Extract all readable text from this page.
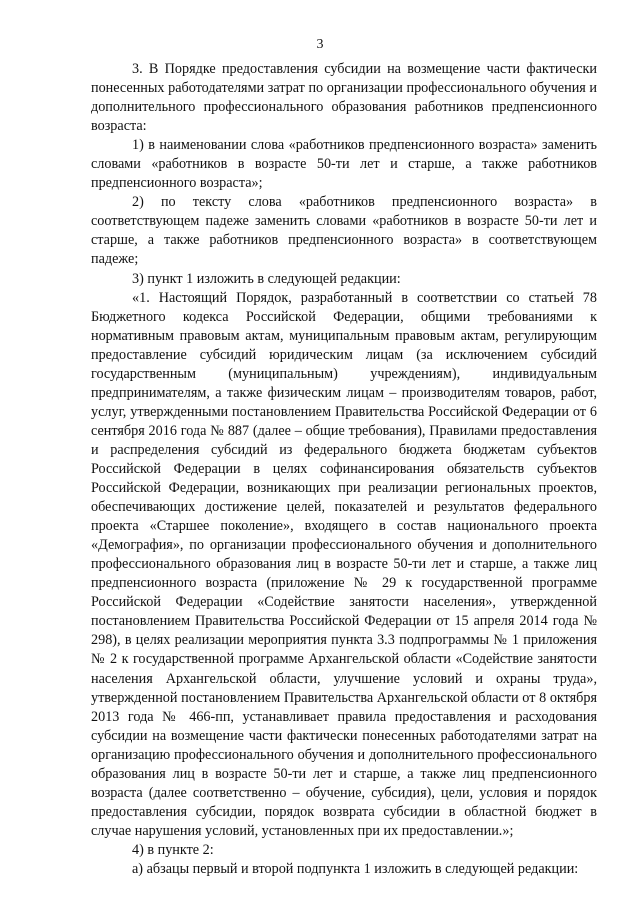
3

3. В Порядке предоставления субсидии на возмещение части фактически понесенных работодателями затрат по организации профессионального обучения и дополнительного профессионального образования работников предпенсионного возраста:

1) в наименовании слова «работников предпенсионного возраста» заменить словами «работников в возрасте 50-ти лет и старше, а также работников предпенсионного возраста»;

2) по тексту слова «работников предпенсионного возраста» в соответствующем падеже заменить словами «работников в возрасте 50-ти лет и старше, а также работников предпенсионного возраста» в соответствующем падеже;

3) пункт 1 изложить в следующей редакции:

«1. Настоящий Порядок, разработанный в соответствии со статьей 78 Бюджетного кодекса Российской Федерации, общими требованиями к нормативным правовым актам, муниципальным правовым актам, регулирующим предоставление субсидий юридическим лицам (за исключением субсидий государственным (муниципальным) учреждениям), индивидуальным предпринимателям, а также физическим лицам – производителям товаров, работ, услуг, утвержденными постановлением Правительства Российской Федерации от 6 сентября 2016 года № 887 (далее – общие требования), Правилами предоставления и распределения субсидий из федерального бюджета бюджетам субъектов Российской Федерации в целях софинансирования обязательств субъектов Российской Федерации, возникающих при реализации региональных проектов, обеспечивающих достижение целей, показателей и результатов федерального проекта «Старшее поколение», входящего в состав национального проекта «Демография», по организации профессионального обучения и дополнительного профессионального образования лиц в возрасте 50-ти лет и старше, а также лиц предпенсионного возраста (приложение № 29 к государственной программе Российской Федерации «Содействие занятости населения», утвержденной постановлением Правительства Российской Федерации от 15 апреля 2014 года № 298), в целях реализации мероприятия пункта 3.3 подпрограммы № 1 приложения № 2 к государственной программе Архангельской области «Содействие занятости населения Архангельской области, улучшение условий и охраны труда», утвержденной постановлением Правительства Архангельской области от 8 октября 2013 года № 466-пп, устанавливает правила предоставления и расходования субсидии на возмещение части фактически понесенных работодателями затрат на организацию профессионального обучения и дополнительного профессионального образования лиц в возрасте 50-ти лет и старше, а также лиц предпенсионного возраста (далее соответственно – обучение, субсидия), цели, условия и порядок предоставления субсидии, порядок возврата субсидии в областной бюджет в случае нарушения условий, установленных при их предоставлении.»;

4) в пункте 2:

а) абзацы первый и второй подпункта 1 изложить в следующей редакции:
